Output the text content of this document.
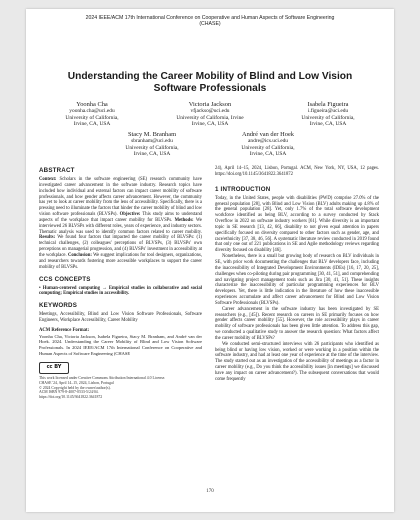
2024 IEEE/ACM 17th International Conference on Cooperative and Human Aspects of Software Engineering
(CHASE)
Understanding the Career Mobility of Blind and Low Vision
Software Professionals
Yoonha Cha
yoonha.cha@uci.edu
University of California,
Irvine, CA, USA
Victoria Jackson
vfjackso@uci.edu
University of California, Irvine
Irvine, CA, USA
Isabela Figueira
i.figueira@uci.edu
University of California,
Irvine, CA, USA
Stacy M. Branham
sbranham@uci.edu
University of California,
Irvine, CA, USA
André van der Hoek
andre@ics.uci.edu
University of California,
Irvine, CA, USA
ABSTRACT

Context: Scholars in the software engineering (SE) research community have investigated career advancement in the software industry. Research topics have included how individual and external factors can impact career mobility of software professionals, and how gender affects career advancement. However, the community has yet to look at career mobility from the lens of accessibility. Specifically, there is a pressing need to illuminate the factors that hinder the career mobility of blind and low vision software professionals (BLVSPs). Objective: This study aims to understand aspects of the workplace that impact career mobility for BLVSPs. Methods: We interviewed 26 BLVSPs with different roles, years of experience, and industry sectors. Thematic analysis was used to identify common factors related to career mobility. Results: We found four factors that impacted the career mobility of BLVSPs: (1) technical challenges, (2) colleagues' perceptions of BLVSPs, (3) BLVSPs' own perceptions on managerial progression, and (4) BLVSPs' investment in accessibility at the workplace. Conclusion: We suggest implications for tool designers, organizations, and researchers towards fostering more accessible workplaces to support the career mobility of BLVSPs.

CCS CONCEPTS

• Human-centered computing → Empirical studies in collaborative and social computing; Empirical studies in accessibility.

KEYWORDS

Meetings, Accessibility, Blind and Low Vision Software Professionals, Software Engineers, Workplace Accessibility, Career Mobility

ACM Reference Format:

Yoonha Cha, Victoria Jackson, Isabela Figueira, Stacy M. Branham, and André van der Hoek. 2024. Understanding the Career Mobility of Blind and Low Vision Software Professionals. In 2024 IEEE/ACM 17th International Conference on Cooperative and Human Aspects of Software Engineering (CHASE

cc BY

This work licensed under Creative Commons Attribution International 4.0 License.

CHASE '24, April 14–15, 2024, Lisbon, Portugal

© 2024 Copyright held by the owner/author(s).

ACM ISBN 979-8-4007-0533-5/24/04.

https://doi.org/10.1145/3641822.3641872

24), April 14–15, 2024, Lisbon, Portugal. ACM, New York, NY, USA, 12 pages. https://doi.org/10.1145/3641822.3641872

1 INTRODUCTION

Today, in the United States, people with disabilities (PWD) comprise 27.0% of the general population [28], with Blind and Low Vision (BLV) adults making up 4.8% of the general population [28]. Yet, only 1.7% of the total software development workforce identified as being BLV, according to a survey conducted by Stack Overflow in 2022 on software industry workers [61]. While diversity is an important topic in SE research [13, 42, 66], disability to not given equal attention in papers specifically focused on diversity compared to other factors such as gender, age, and race/ethnicity [37, 38, 46, 56]. A systematic literature review conducted in 2019 found that only one out of 221 publications in SE and Agile methodology reviews regarding diversity focused on disability [46].

Nonetheless, there is a small but growing body of research on BLV individuals in SE, with prior work documenting the challenges that BLV developers face, including the inaccessibility of Integrated Development Environments (IDEs) [16, 17, 20, 25], challenges when co-piloting during pair programming [30, 41, 51], and comprehending and navigating project management tools such as Jira [30, 41, 51]. These insights characterize the inaccessibility of particular programming experiences for BLV developers. Yet, there is little indication in the literature of how these inaccessible experiences accumulate and affect career advancement for Blind and Low Vision Software Professionals (BLVSPs).

Career advancement in the software industry has been investigated by SE researchers (e.g., [45]). Recent research on careers in SE primarily focuses on how gender affects career mobility [55]. However, the role accessibility plays in career mobility of software professionals has been given little attention. To address this gap, we conducted a qualitative study to answer the research question: What factors affect the career mobility of BLVSPs?

We conducted semi-structured interviews with 26 participants who identified as being blind or having low vision, worked or were working in a position within the software industry, and had at least one year of experience at the time of the interview. The study started out as an investigation of the accessibility of meetings as a factor in career mobility (e.g., Do you think the accessibility issues [in meetings] we discussed have any impact on career advancement?). The subsequent conversations that would come frequently

170
